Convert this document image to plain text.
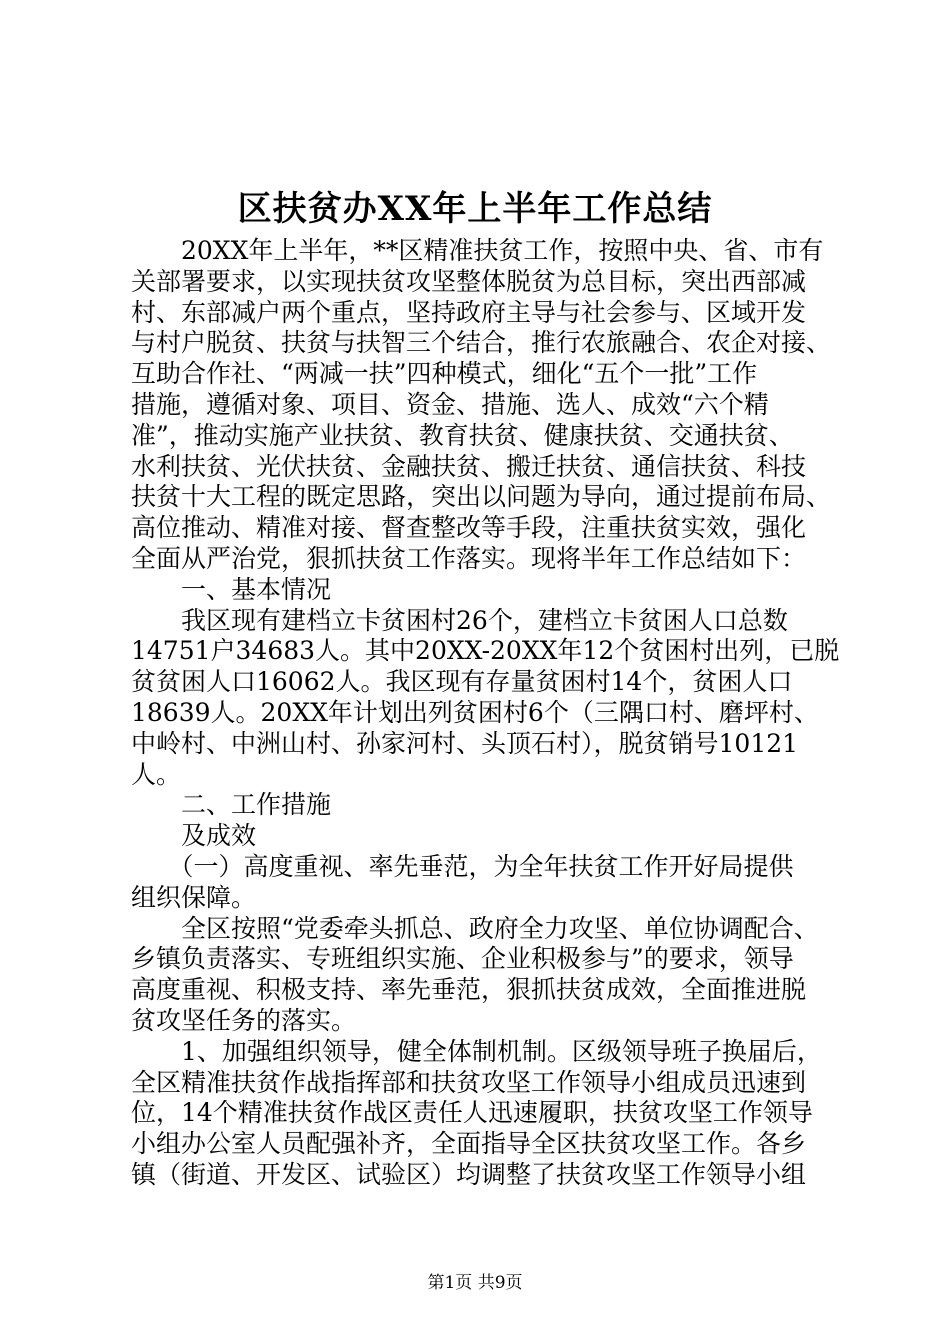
区扶贫办XX年上半年工作总结
　　20XX年上半年，**区精准扶贫工作，按照中央、省、市有
关部署要求，以实现扶贫攻坚整体脱贫为总目标，突出西部减
村、东部减户两个重点，坚持政府主导与社会参与、区域开发
与村户脱贫、扶贫与扶智三个结合，推行农旅融合、农企对接、
互助合作社、“两减一扶”四种模式，细化“五个一批”工作
措施，遵循对象、项目、资金、措施、选人、成效“六个精
准”，推动实施产业扶贫、教育扶贫、健康扶贫、交通扶贫、
水利扶贫、光伏扶贫、金融扶贫、搬迁扶贫、通信扶贫、科技
扶贫十大工程的既定思路，突出以问题为导向，通过提前布局、
高位推动、精准对接、督查整改等手段，注重扶贫实效，强化
全面从严治党，狠抓扶贫工作落实。现将半年工作总结如下：
　　一、基本情况
　　我区现有建档立卡贫困村26个，建档立卡贫困人口总数
14751户34683人。其中20XX-20XX年12个贫困村出列，已脱
贫贫困人口16062人。我区现有存量贫困村14个，贫困人口
18639人。20XX年计划出列贫困村6个（三隅口村、磨坪村、
中岭村、中洲山村、孙家河村、头顶石村），脱贫销号10121
人。
　　二、工作措施
　　及成效
　　（一）高度重视、率先垂范，为全年扶贫工作开好局提供
组织保障。
　　全区按照“党委牵头抓总、政府全力攻坚、单位协调配合、
乡镇负责落实、专班组织实施、企业积极参与”的要求，领导
高度重视、积极支持、率先垂范，狠抓扶贫成效，全面推进脱
贫攻坚任务的落实。
　　1、加强组织领导，健全体制机制。区级领导班子换届后，
全区精准扶贫作战指挥部和扶贫攻坚工作领导小组成员迅速到
位，14个精准扶贫作战区责任人迅速履职，扶贫攻坚工作领导
小组办公室人员配强补齐，全面指导全区扶贫攻坚工作。各乡
镇（街道、开发区、试验区）均调整了扶贫攻坚工作领导小组
第1页 共9页
